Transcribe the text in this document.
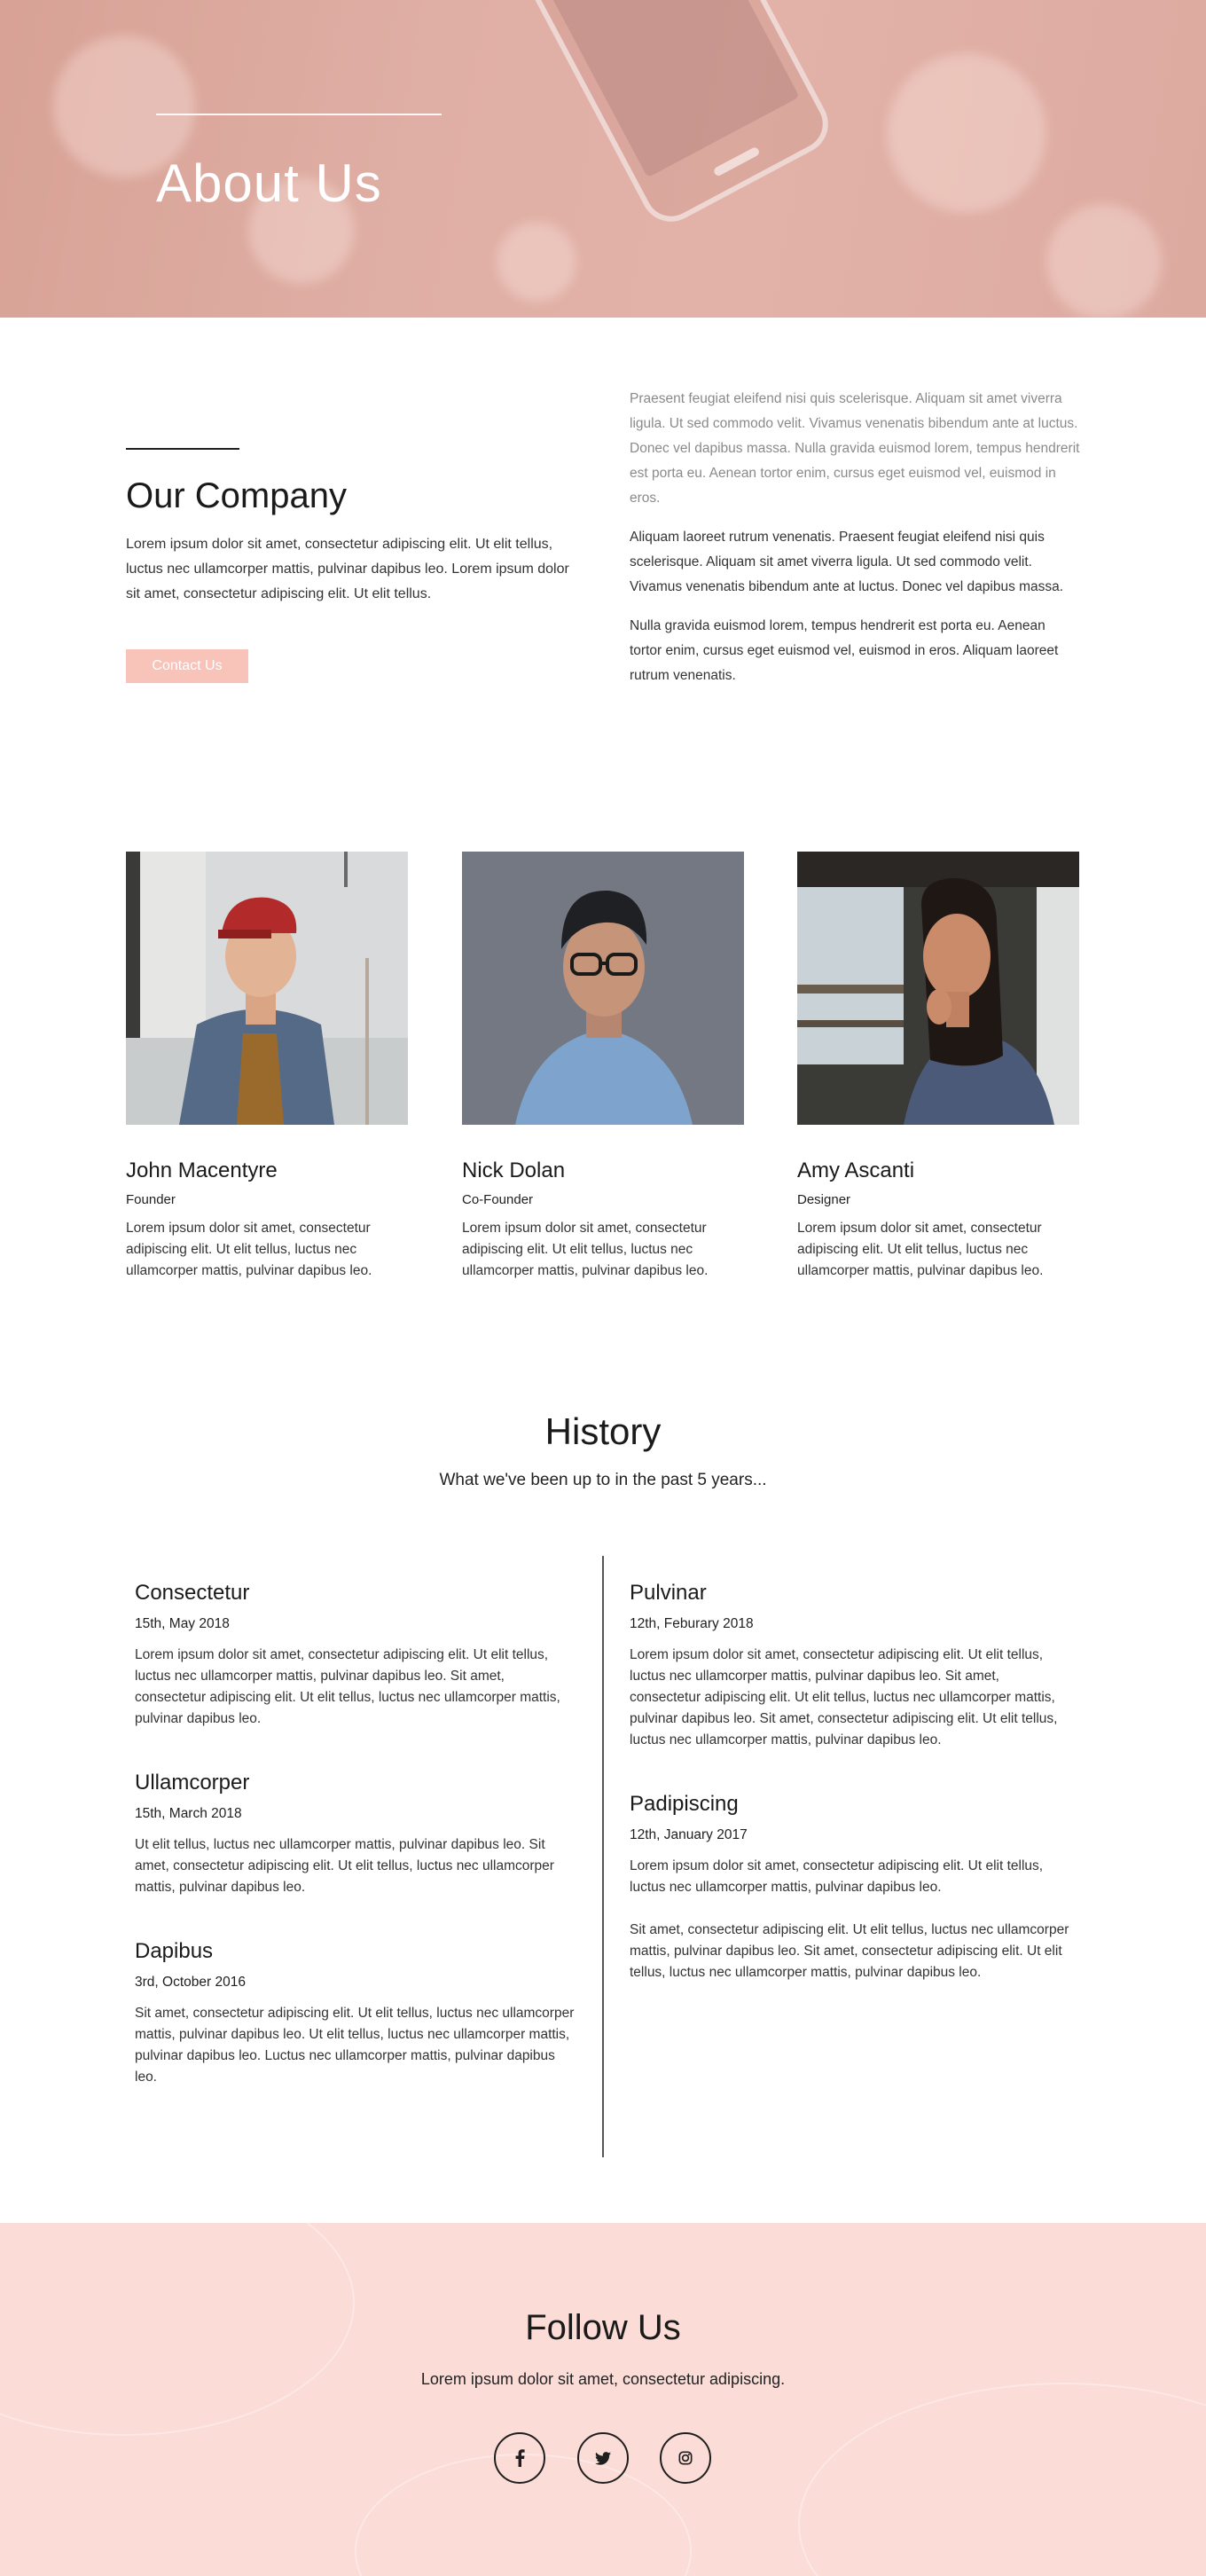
About Us
Our Company

Lorem ipsum dolor sit amet, consectetur adipiscing elit. Ut elit tellus, luctus nec ullamcorper mattis, pulvinar dapibus leo. Lorem ipsum dolor sit amet, consectetur adipiscing elit. Ut elit tellus.

Contact Us

Praesent feugiat eleifend nisi quis scelerisque. Aliquam sit amet viverra ligula. Ut sed commodo velit. Vivamus venenatis bibendum ante at luctus. Donec vel dapibus massa. Nulla gravida euismod lorem, tempus hendrerit est porta eu. Aenean tortor enim, cursus eget euismod vel, euismod in eros.

Aliquam laoreet rutrum venenatis. Praesent feugiat eleifend nisi quis scelerisque. Aliquam sit amet viverra ligula. Ut sed commodo velit. Vivamus venenatis bibendum ante at luctus. Donec vel dapibus massa.

Nulla gravida euismod lorem, tempus hendrerit est porta eu. Aenean tortor enim, cursus eget euismod vel, euismod in eros. Aliquam laoreet rutrum venenatis.

John Macentyre
Founder

Lorem ipsum dolor sit amet, consectetur adipiscing elit. Ut elit tellus, luctus nec ullamcorper mattis, pulvinar dapibus leo.

Nick Dolan
Co-Founder

Lorem ipsum dolor sit amet, consectetur adipiscing elit. Ut elit tellus, luctus nec ullamcorper mattis, pulvinar dapibus leo.

Amy Ascanti
Designer

Lorem ipsum dolor sit amet, consectetur adipiscing elit. Ut elit tellus, luctus nec ullamcorper mattis, pulvinar dapibus leo.

History

What we've been up to in the past 5 years...

Consectetur
15th, May 2018

Lorem ipsum dolor sit amet, consectetur adipiscing elit. Ut elit tellus, luctus nec ullamcorper mattis, pulvinar dapibus leo. Sit amet, consectetur adipiscing elit. Ut elit tellus, luctus nec ullamcorper mattis, pulvinar dapibus leo.

Ullamcorper
15th, March 2018

Ut elit tellus, luctus nec ullamcorper mattis, pulvinar dapibus leo. Sit amet, consectetur adipiscing elit. Ut elit tellus, luctus nec ullamcorper mattis, pulvinar dapibus leo.

Dapibus
3rd, October 2016

Sit amet, consectetur adipiscing elit. Ut elit tellus, luctus nec ullamcorper mattis, pulvinar dapibus leo. Ut elit tellus, luctus nec ullamcorper mattis, pulvinar dapibus leo. Luctus nec ullamcorper mattis, pulvinar dapibus leo.

Pulvinar
12th, Feburary 2018

Lorem ipsum dolor sit amet, consectetur adipiscing elit. Ut elit tellus, luctus nec ullamcorper mattis, pulvinar dapibus leo. Sit amet, consectetur adipiscing elit. Ut elit tellus, luctus nec ullamcorper mattis, pulvinar dapibus leo. Sit amet, consectetur adipiscing elit. Ut elit tellus, luctus nec ullamcorper mattis, pulvinar dapibus leo.

Padipiscing
12th, January 2017

Lorem ipsum dolor sit amet, consectetur adipiscing elit. Ut elit tellus, luctus nec ullamcorper mattis, pulvinar dapibus leo.

Sit amet, consectetur adipiscing elit. Ut elit tellus, luctus nec ullamcorper mattis, pulvinar dapibus leo. Sit amet, consectetur adipiscing elit. Ut elit tellus, luctus nec ullamcorper mattis, pulvinar dapibus leo.

Follow Us

Lorem ipsum dolor sit amet, consectetur adipiscing.
